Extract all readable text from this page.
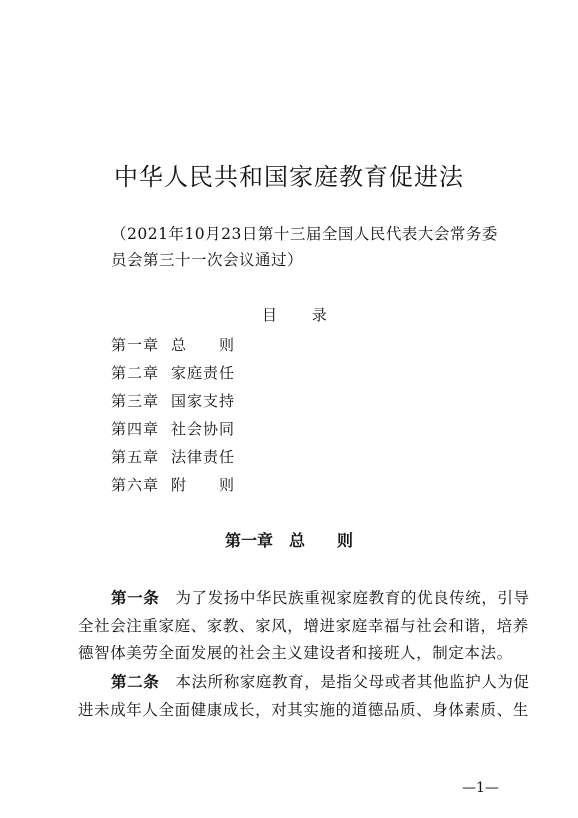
中华人民共和国家庭教育促进法
（2021年10月23日第十三届全国人民代表大会常务委
员会第三十一次会议通过）
目 录
第一章 总　　则
第二章 家庭责任
第三章 国家支持
第四章 社会协同
第五章 法律责任
第六章 附　　则
第一章　总　　则
第一条　 为了发扬中华民族重视家庭教育的优良传统，引导
全社会注重家庭、家教、家风，增进家庭幸福与社会和谐，培养
德智体美劳全面发展的社会主义建设者和接班人，制定本法。
第二条　 本法所称家庭教育，是指父母或者其他监护人为促
进未成年人全面健康成长，对其实施的道德品质、身体素质、生
—1—
